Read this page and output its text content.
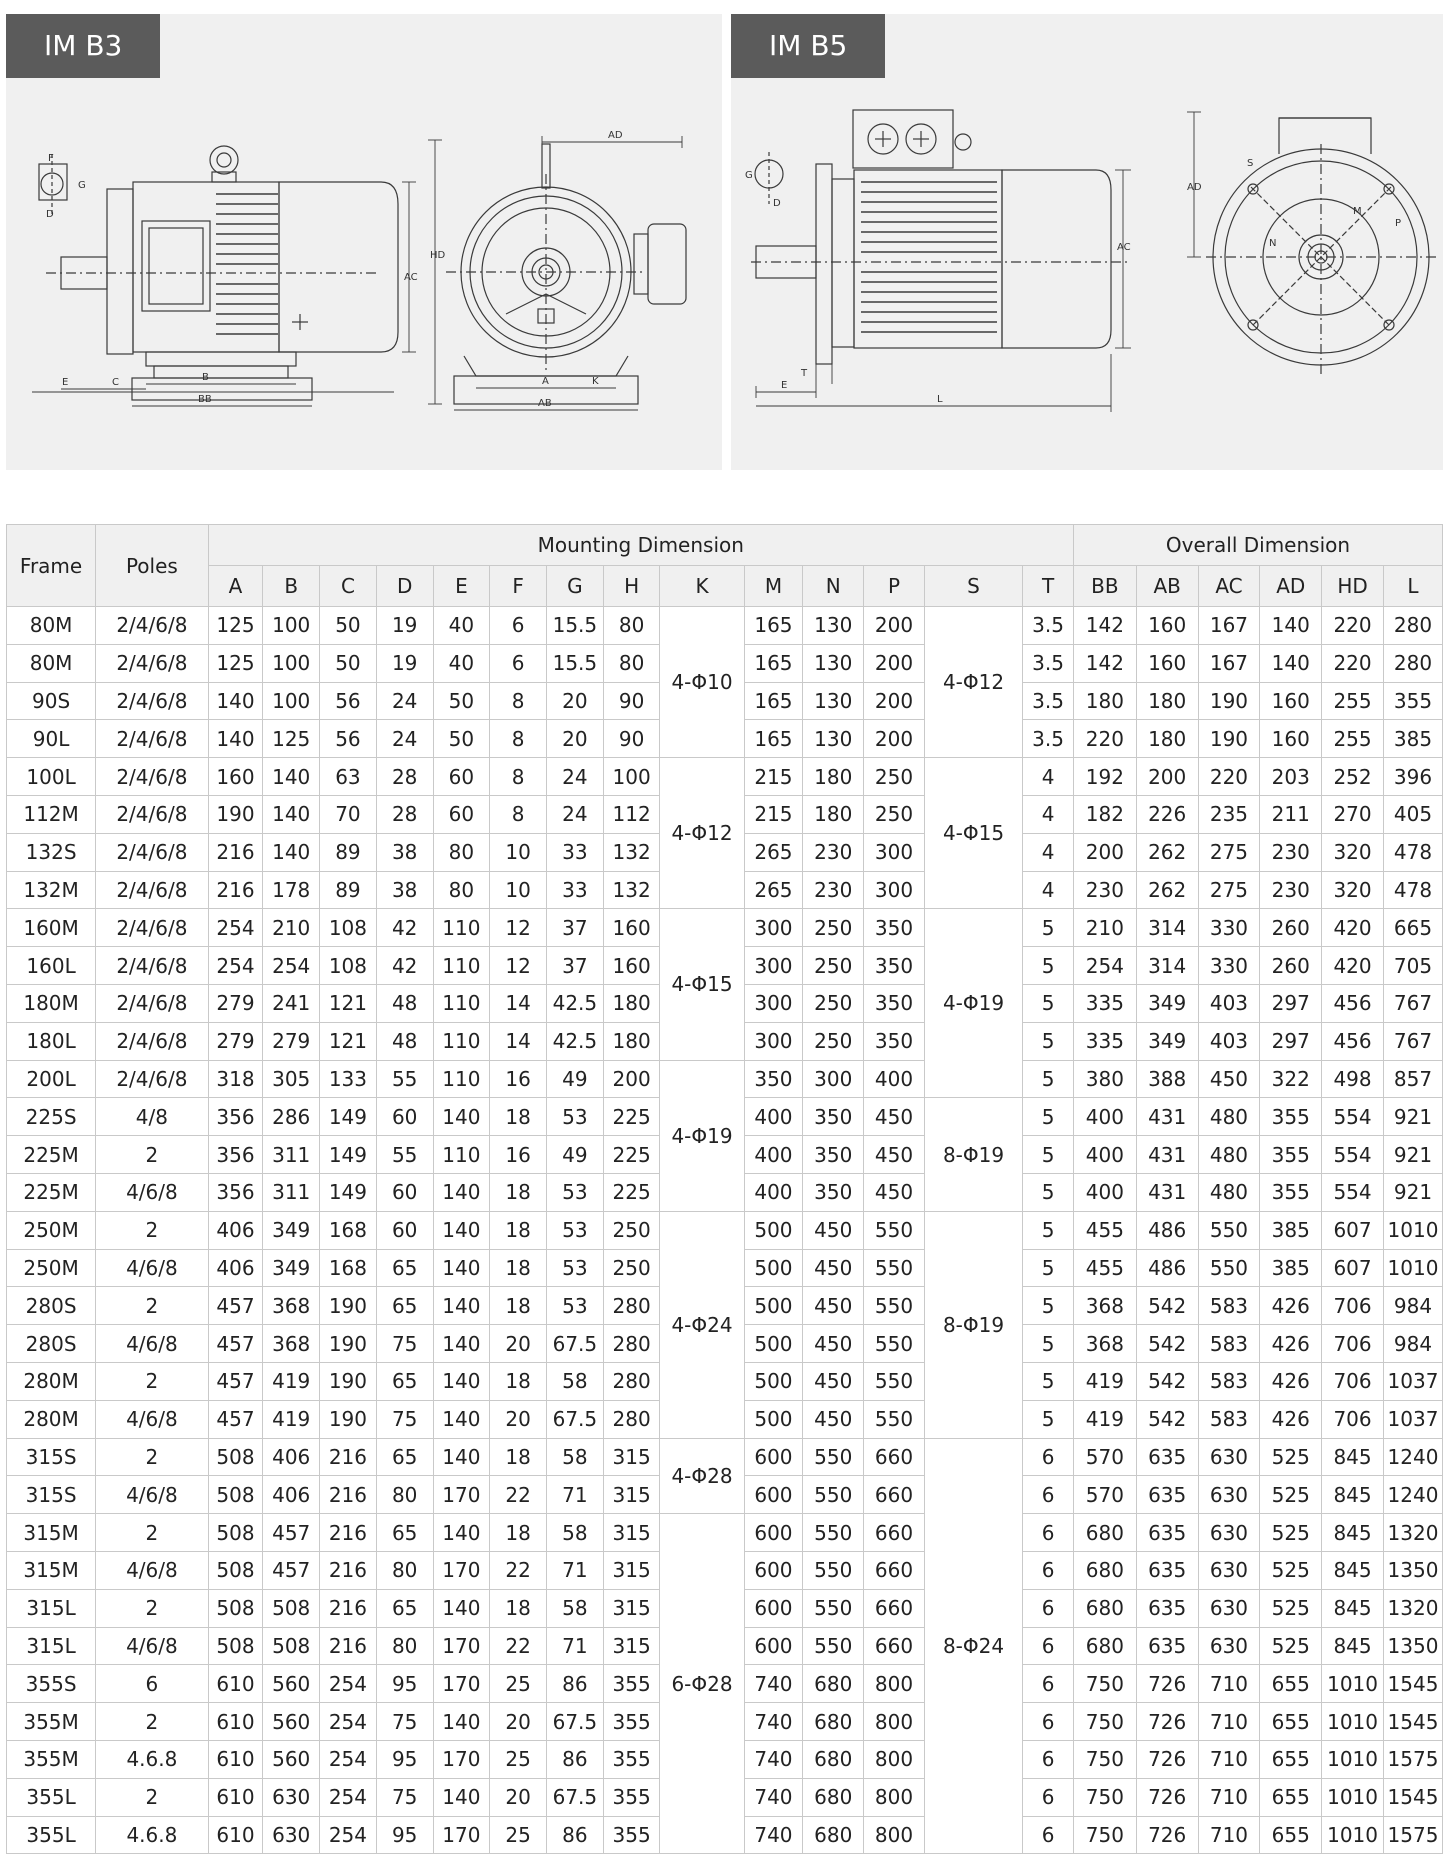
F
G
D
E	C	B
BB
AC
AD
HD
A	K
AB
IM B3
G
D
T
E
L
AC
AD
S
M
P
N
IM B5
Frame	Poles	Mounting Dimension														Overall Dimension					
		A	B	C	D	E	F	G	H	K	M	N	P	S	T	BB	AB	AC	AD	HD	L
80M	2/4/6/8	125	100	50	19	40	6	15.5	80	4-Φ10	165	130	200	4-Φ12	3.5	142	160	167	140	220	280
80M	2/4/6/8	125	100	50	19	40	6	15.5	80		165	130	200		3.5	142	160	167	140	220	280
90S	2/4/6/8	140	100	56	24	50	8	20	90		165	130	200		3.5	180	180	190	160	255	355
90L	2/4/6/8	140	125	56	24	50	8	20	90		165	130	200		3.5	220	180	190	160	255	385
100L	2/4/6/8	160	140	63	28	60	8	24	100	4-Φ12	215	180	250	4-Φ15	4	192	200	220	203	252	396
112M	2/4/6/8	190	140	70	28	60	8	24	112		215	180	250		4	182	226	235	211	270	405
132S	2/4/6/8	216	140	89	38	80	10	33	132		265	230	300		4	200	262	275	230	320	478
132M	2/4/6/8	216	178	89	38	80	10	33	132		265	230	300		4	230	262	275	230	320	478
160M	2/4/6/8	254	210	108	42	110	12	37	160	4-Φ15	300	250	350	4-Φ19	5	210	314	330	260	420	665
160L	2/4/6/8	254	254	108	42	110	12	37	160		300	250	350		5	254	314	330	260	420	705
180M	2/4/6/8	279	241	121	48	110	14	42.5	180		300	250	350		5	335	349	403	297	456	767
180L	2/4/6/8	279	279	121	48	110	14	42.5	180		300	250	350		5	335	349	403	297	456	767
200L	2/4/6/8	318	305	133	55	110	16	49	200	4-Φ19	350	300	400		5	380	388	450	322	498	857
225S	4/8	356	286	149	60	140	18	53	225		400	350	450	8-Φ19	5	400	431	480	355	554	921
225M	2	356	311	149	55	110	16	49	225		400	350	450		5	400	431	480	355	554	921
225M	4/6/8	356	311	149	60	140	18	53	225		400	350	450		5	400	431	480	355	554	921
250M	2	406	349	168	60	140	18	53	250	4-Φ24	500	450	550	8-Φ19	5	455	486	550	385	607	1010
250M	4/6/8	406	349	168	65	140	18	53	250		500	450	550		5	455	486	550	385	607	1010
280S	2	457	368	190	65	140	18	53	280		500	450	550		5	368	542	583	426	706	984
280S	4/6/8	457	368	190	75	140	20	67.5	280		500	450	550		5	368	542	583	426	706	984
280M	2	457	419	190	65	140	18	58	280		500	450	550		5	419	542	583	426	706	1037
280M	4/6/8	457	419	190	75	140	20	67.5	280		500	450	550		5	419	542	583	426	706	1037
315S	2	508	406	216	65	140	18	58	315	4-Φ28	600	550	660	8-Φ24	6	570	635	630	525	845	1240
315S	4/6/8	508	406	216	80	170	22	71	315		600	550	660		6	570	635	630	525	845	1240
315M	2	508	457	216	65	140	18	58	315	6-Φ28	600	550	660		6	680	635	630	525	845	1320
315M	4/6/8	508	457	216	80	170	22	71	315		600	550	660		6	680	635	630	525	845	1350
315L	2	508	508	216	65	140	18	58	315		600	550	660		6	680	635	630	525	845	1320
315L	4/6/8	508	508	216	80	170	22	71	315		600	550	660		6	680	635	630	525	845	1350
355S	6	610	560	254	95	170	25	86	355		740	680	800		6	750	726	710	655	1010	1545
355M	2	610	560	254	75	140	20	67.5	355		740	680	800		6	750	726	710	655	1010	1545
355M	4.6.8	610	560	254	95	170	25	86	355		740	680	800		6	750	726	710	655	1010	1575
355L	2	610	630	254	75	140	20	67.5	355		740	680	800		6	750	726	710	655	1010	1545
355L	4.6.8	610	630	254	95	170	25	86	355		740	680	800		6	750	726	710	655	1010	1575
